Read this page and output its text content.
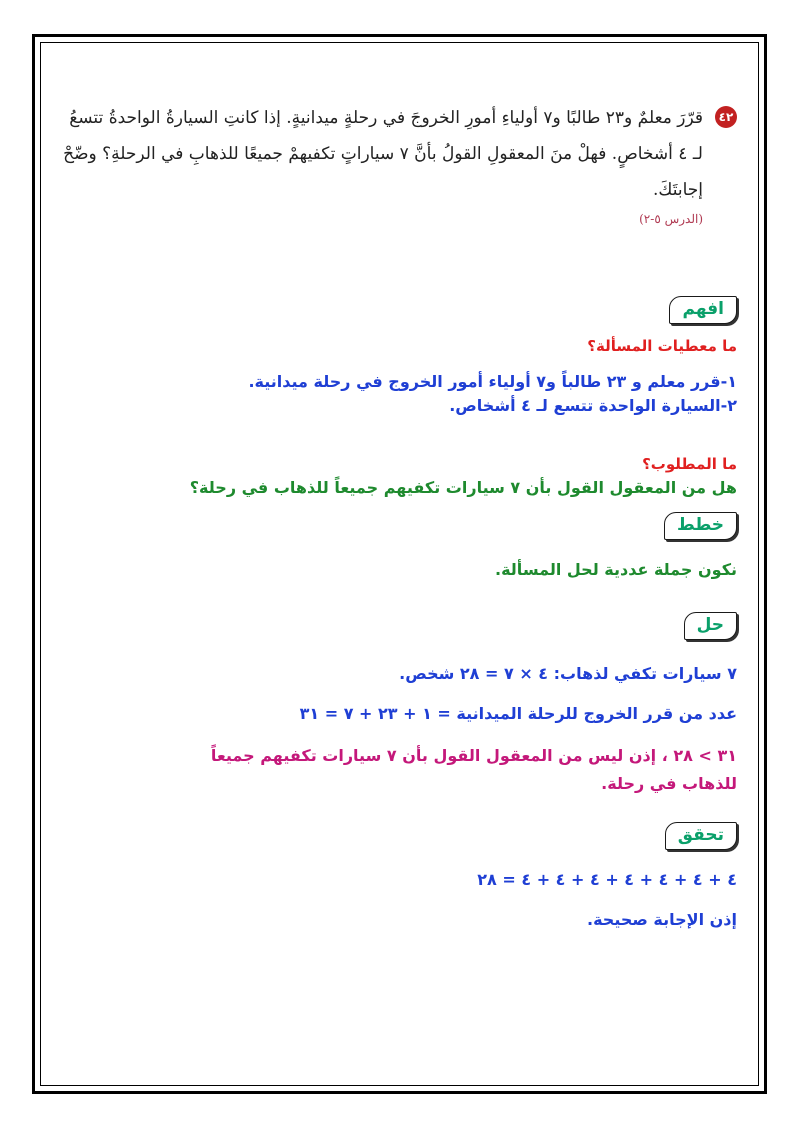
٤٢
قرّرَ معلمٌ و٢٣ طالبًا و٧ أولياءِ أمورِ الخروجَ في رحلةٍ ميدانيةٍ. إذا كانتِ السيارةُ الواحدةُ تتسعُ
لـ ٤ أشخاصٍ. فهلْ منَ المعقولِ القولُ بأنَّ ٧ سياراتٍ تكفيهمْ جميعًا للذهابِ في الرحلةِ؟ وضّحْ إجابتَكَ.
(الدرس ٥-٢)
افهم
ما معطيات المسألة؟
١-قرر معلم و ٢٣ طالباً و٧ أولياء أمور الخروج في رحلة ميدانية.
٢-السيارة الواحدة تتسع لـ ٤ أشخاص.
ما المطلوب؟
هل من المعقول القول بأن ٧ سيارات تكفيهم جميعاً للذهاب في رحلة؟
خطط
نكون جملة عددية لحل المسألة.
حل
٧ سيارات تكفي لذهاب: ٤ × ٧ = ٢٨ شخص.
عدد من قرر الخروج للرحلة الميدانية = ١ + ٢٣ + ٧ = ٣١
٣١ > ٢٨ ، إذن ليس من المعقول القول بأن ٧ سيارات تكفيهم جميعاً
للذهاب في رحلة.
تحقق
٤ + ٤ + ٤ + ٤ + ٤ + ٤ + ٤ = ٢٨
إذن الإجابة صحيحة.
